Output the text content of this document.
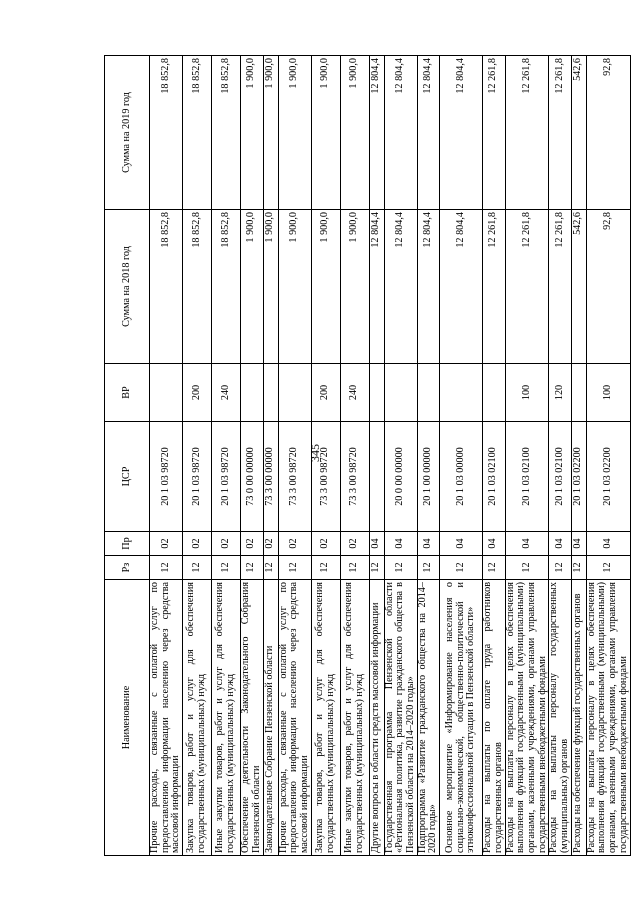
345
Наименование	Рз	Пр	ЦСР	ВР	Сумма на 2018 год	Сумма на 2019 год
Прочие расходы, связанные с оплатой услуг по предоставлению информации населению через средства массовой информации	12	02	20 1 03 98720		18 852,8	18 852,8
Закупка товаров, работ и услуг для обеспечения государственных (муниципальных) нужд	12	02	20 1 03 98720	200	18 852,8	18 852,8
Иные закупки товаров, работ и услуг для обеспечения государственных (муниципальных) нужд	12	02	20 1 03 98720	240	18 852,8	18 852,8
Обеспечение деятельности Законодательного Собрания Пензенской области	12	02	73 0 00 00000		1 900,0	1 900,0
Законодательное Собрание Пензенской области	12	02	73 3 00 00000		1 900,0	1 900,0
Прочие расходы, связанные с оплатой услуг по предоставлению информации населению через средства массовой информации	12	02	73 3 00 98720		1 900,0	1 900,0
Закупка товаров, работ и услуг для обеспечения государственных (муниципальных) нужд	12	02	73 3 00 98720	200	1 900,0	1 900,0
Иные закупки товаров, работ и услуг для обеспечения государственных (муниципальных) нужд	12	02	73 3 00 98720	240	1 900,0	1 900,0
Другие вопросы в области средств массовой информации	12	04			12 804,4	12 804,4
Государственная программа Пензенской области «Региональная политика, развитие гражданского общества в Пензенской области на 2014–2020 годы»	12	04	20 0 00 00000		12 804,4	12 804,4
Подпрограмма «Развитие гражданского общества на 2014–2020 годы»	12	04	20 1 00 00000		12 804,4	12 804,4
Основное мероприятие «Информирование населения о социально-экономической, общественно-политической и этноконфессиональной ситуации в Пензенской области»	12	04	20 1 03 00000		12 804,4	12 804,4
Расходы на выплаты по оплате труда работников государственных органов	12	04	20 1 03 02100		12 261,8	12 261,8
Расходы на выплаты персоналу в целях обеспечения выполнения функций государственными (муниципальными) органами, казенными учреждениями, органами управления государственными внебюджетными фондами	12	04	20 1 03 02100	100	12 261,8	12 261,8
Расходы на выплаты персоналу государственных (муниципальных) органов	12	04	20 1 03 02100	120	12 261,8	12 261,8
Расходы на обеспечение функций государственных органов	12	04	20 1 03 02200		542,6	542,6
Расходы на выплаты персоналу в целях обеспечения выполнения функций государственными (муниципальными) органами, казенными учреждениями, органами управления государственными внебюджетными фондами	12	04	20 1 03 02200	100	92,8	92,8
